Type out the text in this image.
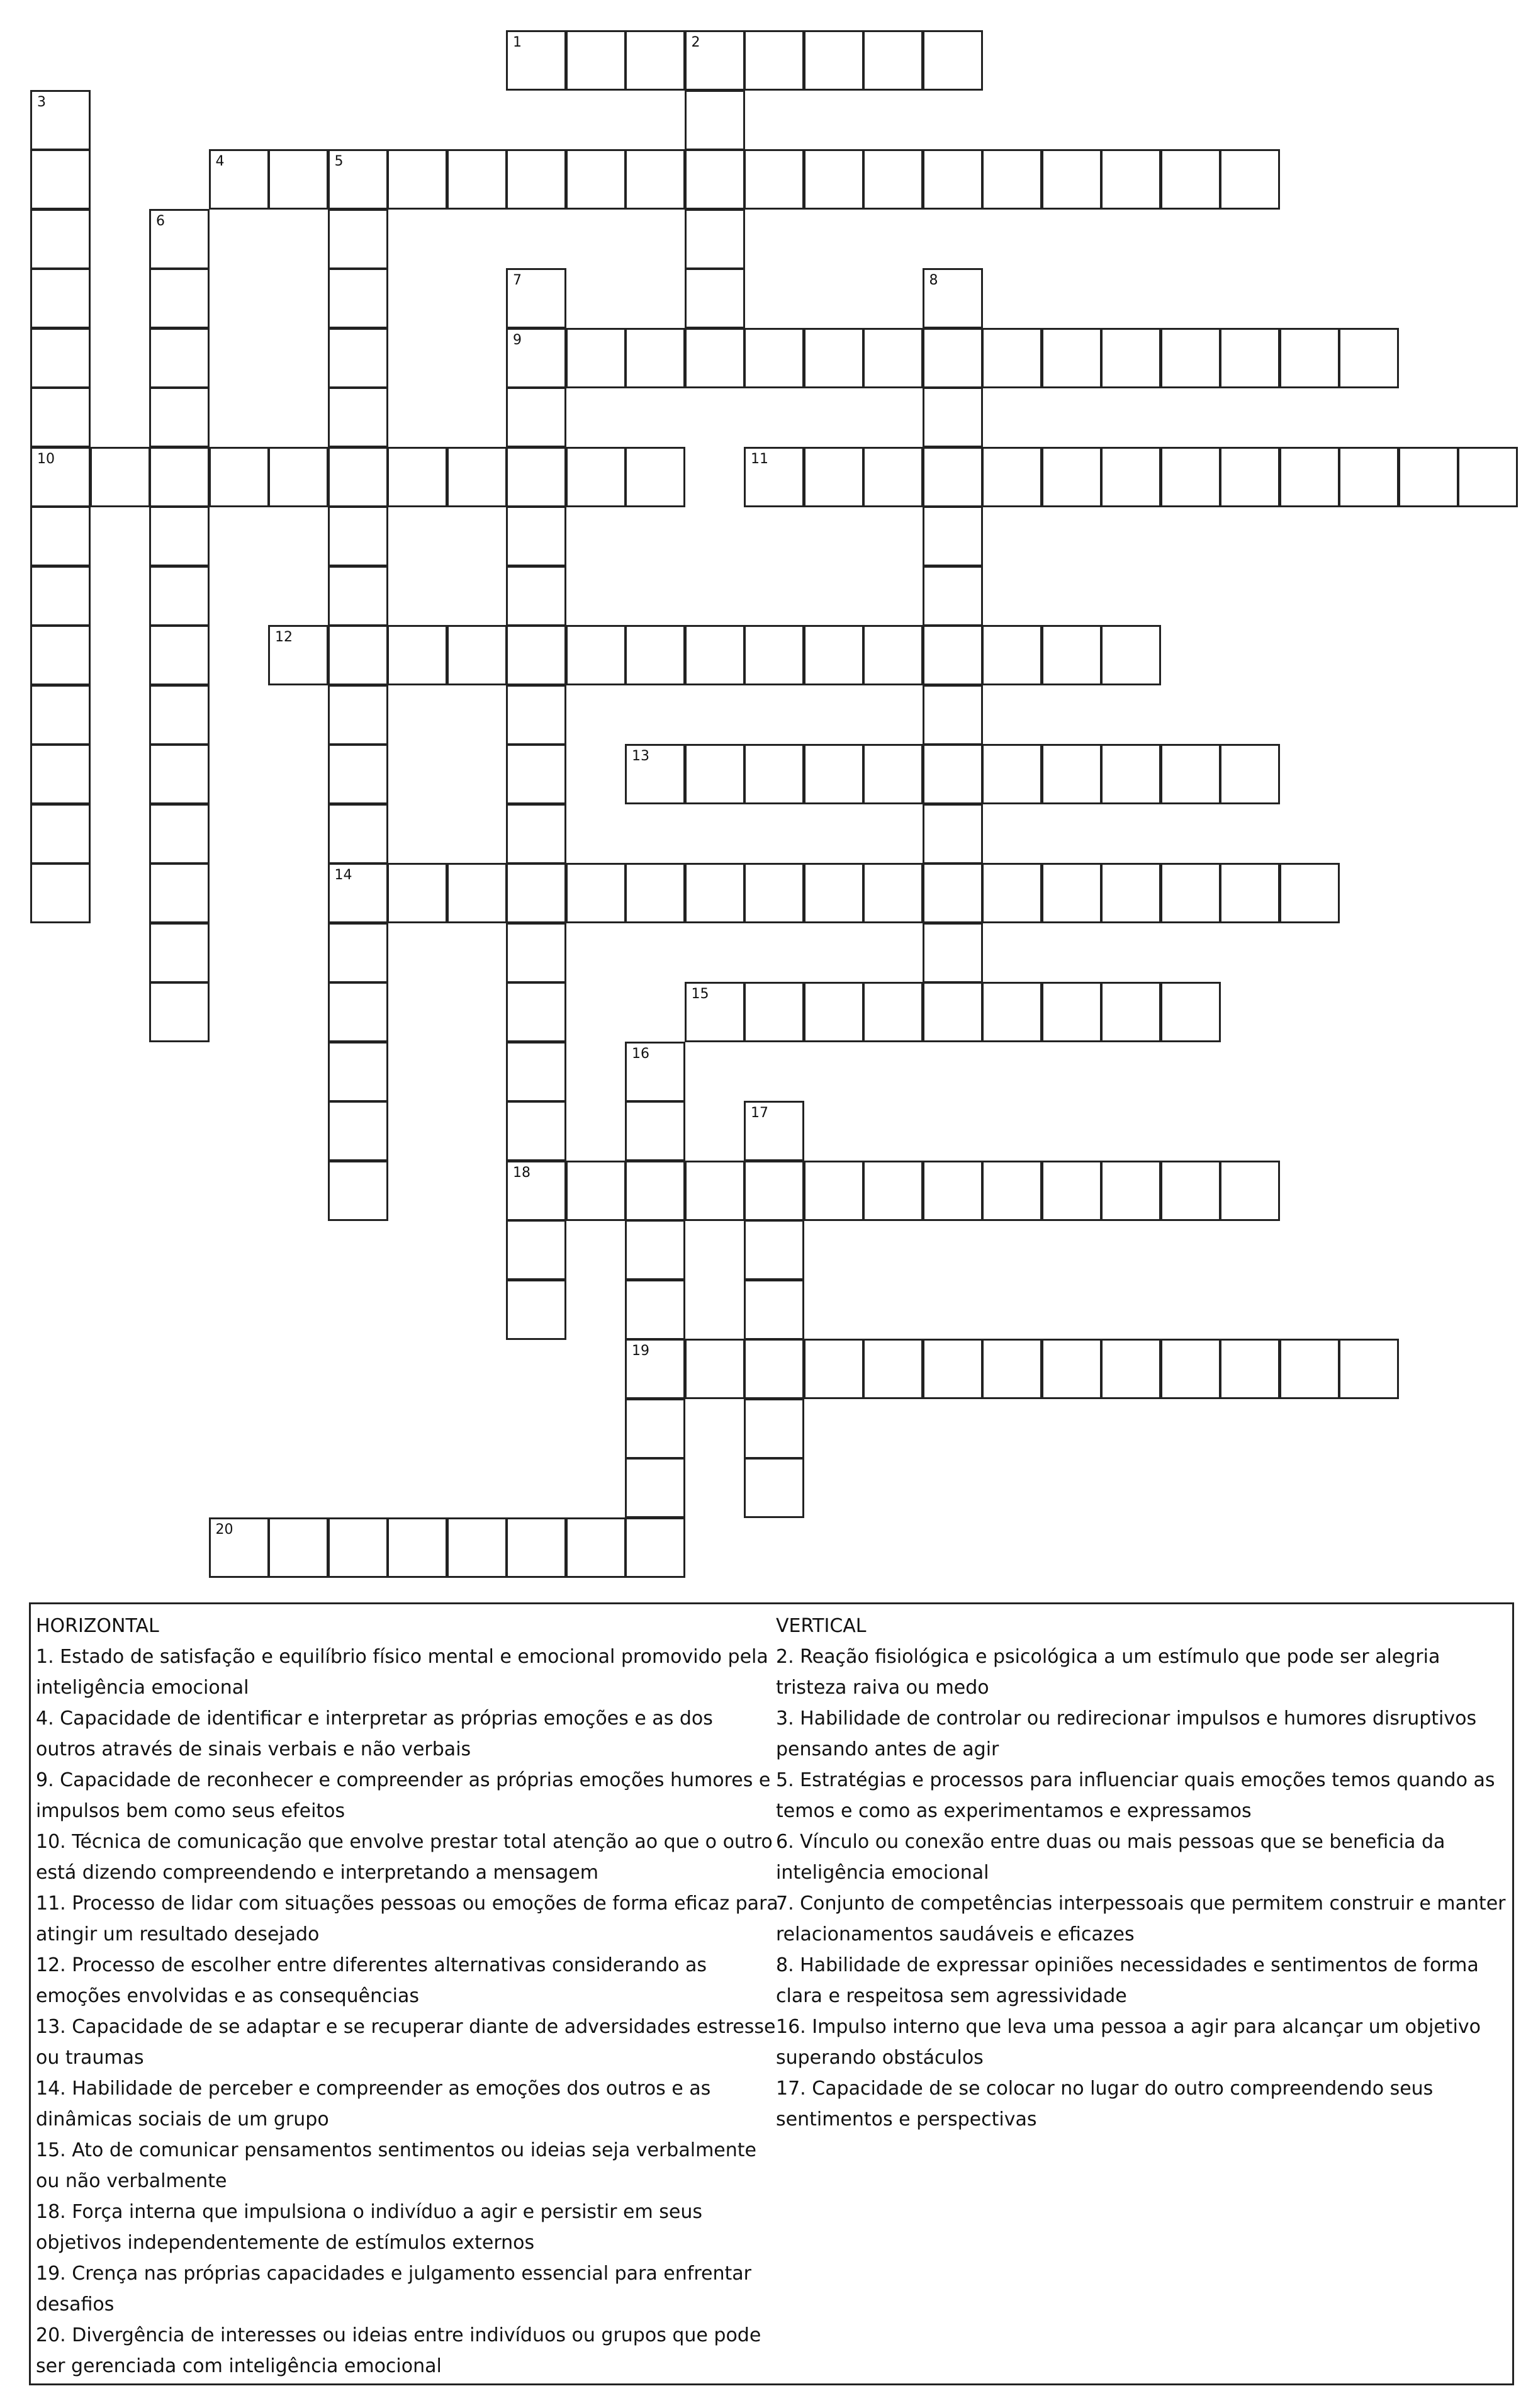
1	2
3
10
4	5
14
6
7
9
18
8
11
12
13
15
16
19
17
20
HORIZONTAL
1. Estado de satisfação e equilíbrio físico mental e emocional promovido pela inteligência emocional
4. Capacidade de identificar e interpretar as próprias emoções e as dos outros através de sinais verbais e não verbais
9. Capacidade de reconhecer e compreender as próprias emoções humores e impulsos bem como seus efeitos
10. Técnica de comunicação que envolve prestar total atenção ao que o outro está dizendo compreendendo e interpretando a mensagem
11. Processo de lidar com situações pessoas ou emoções de forma eficaz para atingir um resultado desejado
12. Processo de escolher entre diferentes alternativas considerando as emoções envolvidas e as consequências
13. Capacidade de se adaptar e se recuperar diante de adversidades estresse ou traumas
14. Habilidade de perceber e compreender as emoções dos outros e as dinâmicas sociais de um grupo
15. Ato de comunicar pensamentos sentimentos ou ideias seja verbalmente ou não verbalmente
18. Força interna que impulsiona o indivíduo a agir e persistir em seus objetivos independentemente de estímulos externos
19. Crença nas próprias capacidades e julgamento essencial para enfrentar desafios
20. Divergência de interesses ou ideias entre indivíduos ou grupos que pode ser gerenciada com inteligência emocional
VERTICAL
2. Reação fisiológica e psicológica a um estímulo que pode ser alegria tristeza raiva ou medo
3. Habilidade de controlar ou redirecionar impulsos e humores disruptivos pensando antes de agir
5. Estratégias e processos para influenciar quais emoções temos quando as temos e como as experimentamos e expressamos
6. Vínculo ou conexão entre duas ou mais pessoas que se beneficia da inteligência emocional
7. Conjunto de competências interpessoais que permitem construir e manter relacionamentos saudáveis e eficazes
8. Habilidade de expressar opiniões necessidades e sentimentos de forma clara e respeitosa sem agressividade
16. Impulso interno que leva uma pessoa a agir para alcançar um objetivo superando obstáculos
17. Capacidade de se colocar no lugar do outro compreendendo seus sentimentos e perspectivas
